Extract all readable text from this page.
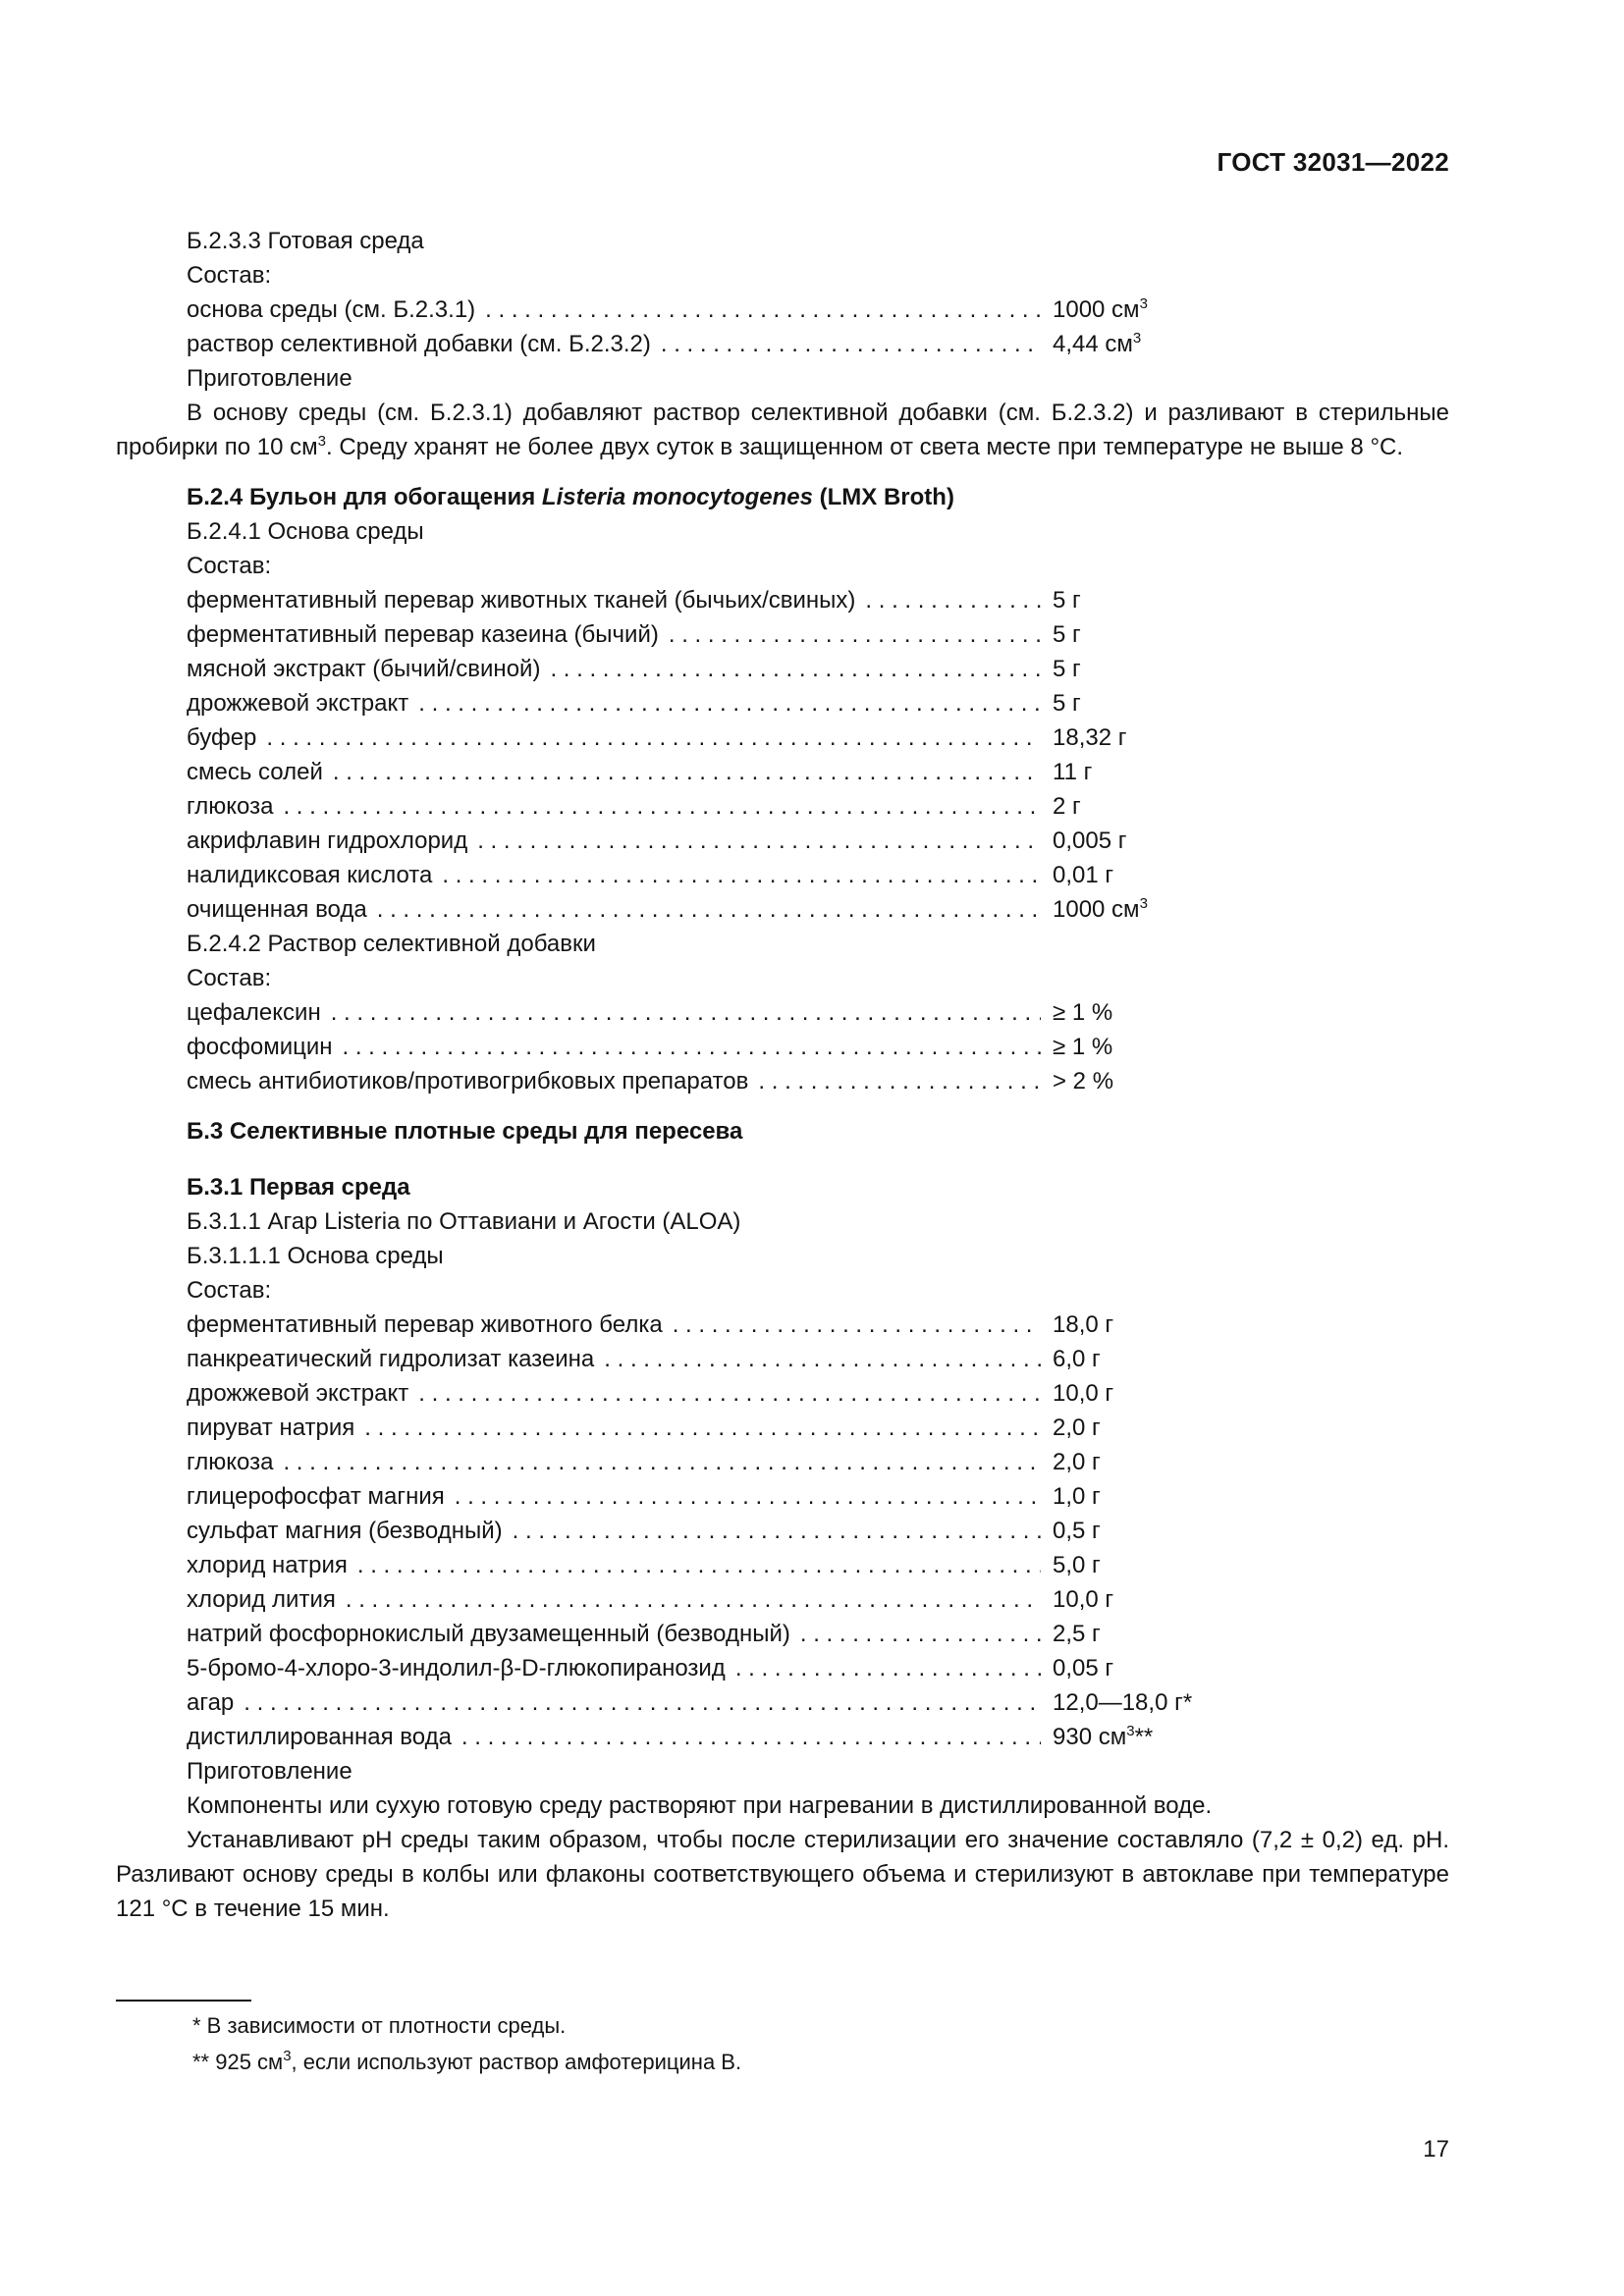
ГОСТ 32031—2022

Б.2.3.3 Готовая среда

Состав:

основа среды (см. Б.2.3.1) . . .	1000 $см^3$
раствор селективной добавки (см. Б.2.3.2) . . .	4,44 $см^3$

Приготовление

В основу среды (см. Б.2.3.1) добавляют раствор селективной добавки (см. Б.2.3.2) и разливают в стерильные пробирки по 10 $см^3$. Среду хранят не более двух суток в защищенном от света месте при температуре не выше 8 °С.

Б.2.4 Бульон для обогащения Listeria monocytogenes (LMX Broth)

Б.2.4.1 Основа среды

Состав:

ферментативный перевар животных тканей (бычьих/свиных) . . .	5 г
ферментативный перевар казеина (бычий) . . .	5 г
мясной экстракт (бычий/свиной) . . .	5 г
дрожжевой экстракт . . .	5 г
буфер . . .	18,32 г
смесь солей . . .	11 г
глюкоза . . .	2 г
акрифлавин гидрохлорид . . .	0,005 г
налидиксовая кислота . . .	0,01 г
очищенная вода . . .	1000 $см^3$

Б.2.4.2 Раствор селективной добавки

Состав:

цефалексин . . .	≥ 1 %
фосфомицин . . .	≥ 1 %
смесь антибиотиков/противогрибковых препаратов . . .	> 2 %

Б.3 Селективные плотные среды для пересева

Б.3.1 Первая среда

Б.3.1.1 Агар Listeria по Оттавиани и Агости (ALOA)

Б.3.1.1.1 Основа среды

Состав:

ферментативный перевар животного белка . . .	18,0 г
панкреатический гидролизат казеина . . .	6,0 г
дрожжевой экстракт . . .	10,0 г
пируват натрия . . .	2,0 г
глюкоза . . .	2,0 г
глицерофосфат магния . . .	1,0 г
сульфат магния (безводный) . . .	0,5 г
хлорид натрия . . .	5,0 г
хлорид лития . . .	10,0 г
натрий фосфорнокислый двузамещенный (безводный) . . .	2,5 г
5-бромо-4-хлоро-3-индолил-β-D-глюкопиранозид . . .	0,05 г
агар . . .	12,0—18,0 г*
дистиллированная вода . . .	930 $см^3**$

Приготовление

Компоненты или сухую готовую среду растворяют при нагревании в дистиллированной воде.

Устанавливают pH среды таким образом, чтобы после стерилизации его значение составляло (7,2 ± 0,2) ед. pH. Разливают основу среды в колбы или флаконы соответствующего объема и стерилизуют в автоклаве при температуре 121 °С в течение 15 мин.

* В зависимости от плотности среды.
** 925 $см^3$, если используют раствор амфотерицина В.
17
